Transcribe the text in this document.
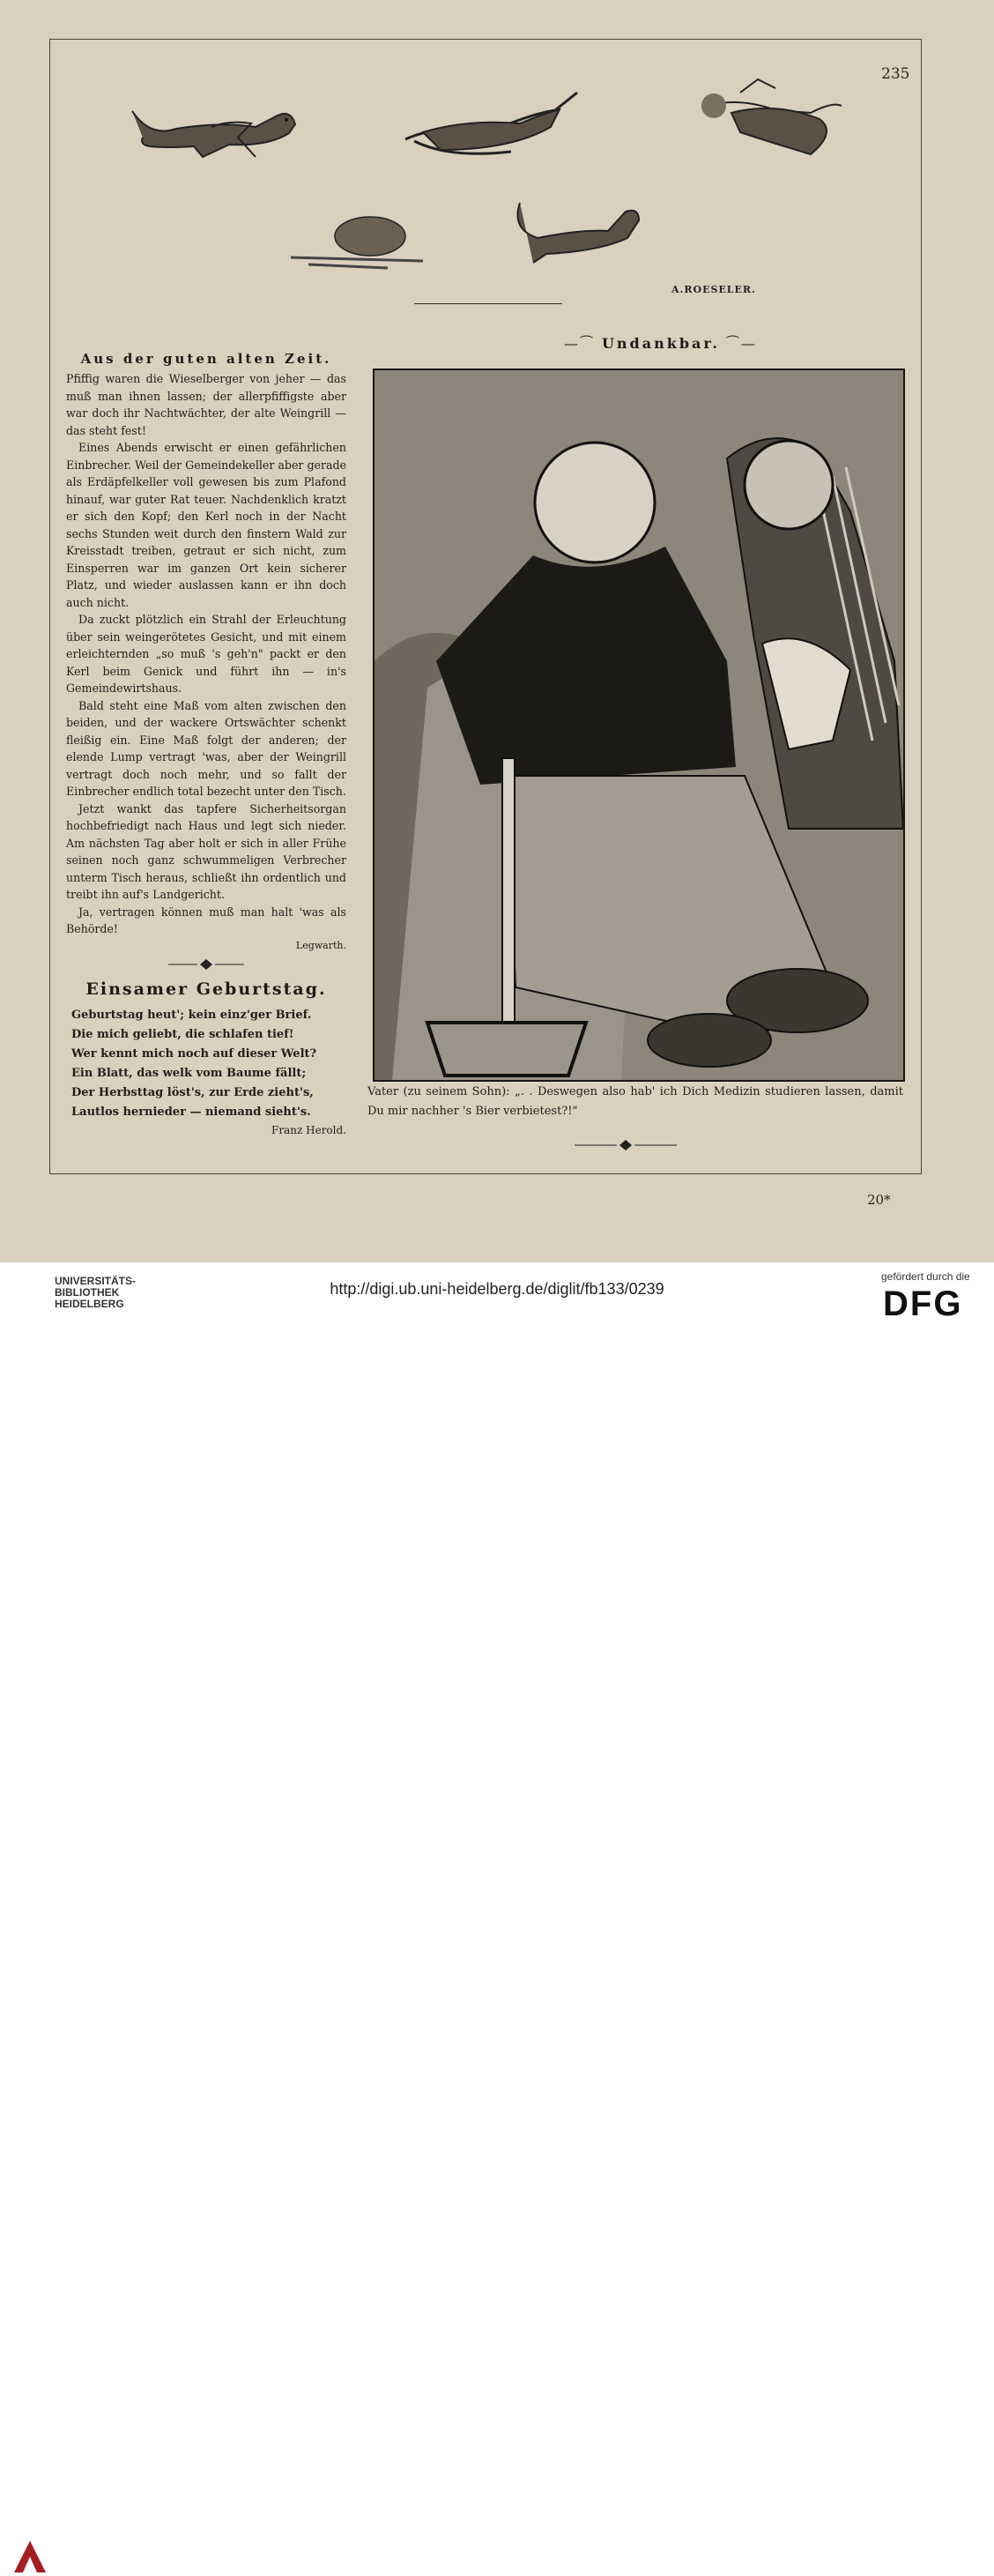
235
A.ROESELER.
Aus der guten alten Zeit.

Pfiffig waren die Wieselberger von jeher — das muß man ihnen lassen; der allerpfiffigste aber war doch ihr Nachtwächter, der alte Weingrill — das steht fest!

Eines Abends erwischt er einen gefährlichen Einbrecher. Weil der Gemeindekeller aber gerade als Erdäpfelkeller voll gewesen bis zum Plafond hinauf, war guter Rat teuer. Nachdenklich kratzt er sich den Kopf; den Kerl noch in der Nacht sechs Stunden weit durch den finstern Wald zur Kreisstadt treiben, getraut er sich nicht, zum Einsperren war im ganzen Ort kein sicherer Platz, und wieder auslassen kann er ihn doch auch nicht.

Da zuckt plötzlich ein Strahl der Erleuchtung über sein weingerötetes Gesicht, und mit einem erleichternden „so muß 's geh'n" packt er den Kerl beim Genick und führt ihn — in's Gemeindewirtshaus.

Bald steht eine Maß vom alten zwischen den beiden, und der wackere Ortswächter schenkt fleißig ein. Eine Maß folgt der anderen; der elende Lump vertragt 'was, aber der Weingrill vertragt doch noch mehr, und so fallt der Einbrecher endlich total bezecht unter den Tisch.

Jetzt wankt das tapfere Sicherheitsorgan hochbefriedigt nach Haus und legt sich nieder. Am nächsten Tag aber holt er sich in aller Frühe seinen noch ganz schwummeligen Verbrecher unterm Tisch heraus, schließt ihn ordentlich und treibt ihn auf's Landgericht.

Ja, vertragen können muß man halt 'was als Behörde!

Legwarth.
Einsamer Geburtstag.
Geburtstag heut'; kein einz'ger Brief.
Die mich geliebt, die schlafen tief!
Wer kennt mich noch auf dieser Welt?
Ein Blatt, das welk vom Baume fällt;
Der Herbsttag löst's, zur Erde zieht's,
Lautlos hernieder — niemand sieht's.
Franz Herold.
—⁀ Undankbar. ⁀—
Vater (zu seinem Sohn): „. . Deswegen also hab' ich Dich Medizin studieren lassen, damit Du mir nachher 's Bier verbietest?!"
20*
UNIVERSITÄTS-
BIBLIOTHEK
HEIDELBERG
http://digi.ub.uni-heidelberg.de/diglit/fb133/0239
gefördert durch die
DFG
